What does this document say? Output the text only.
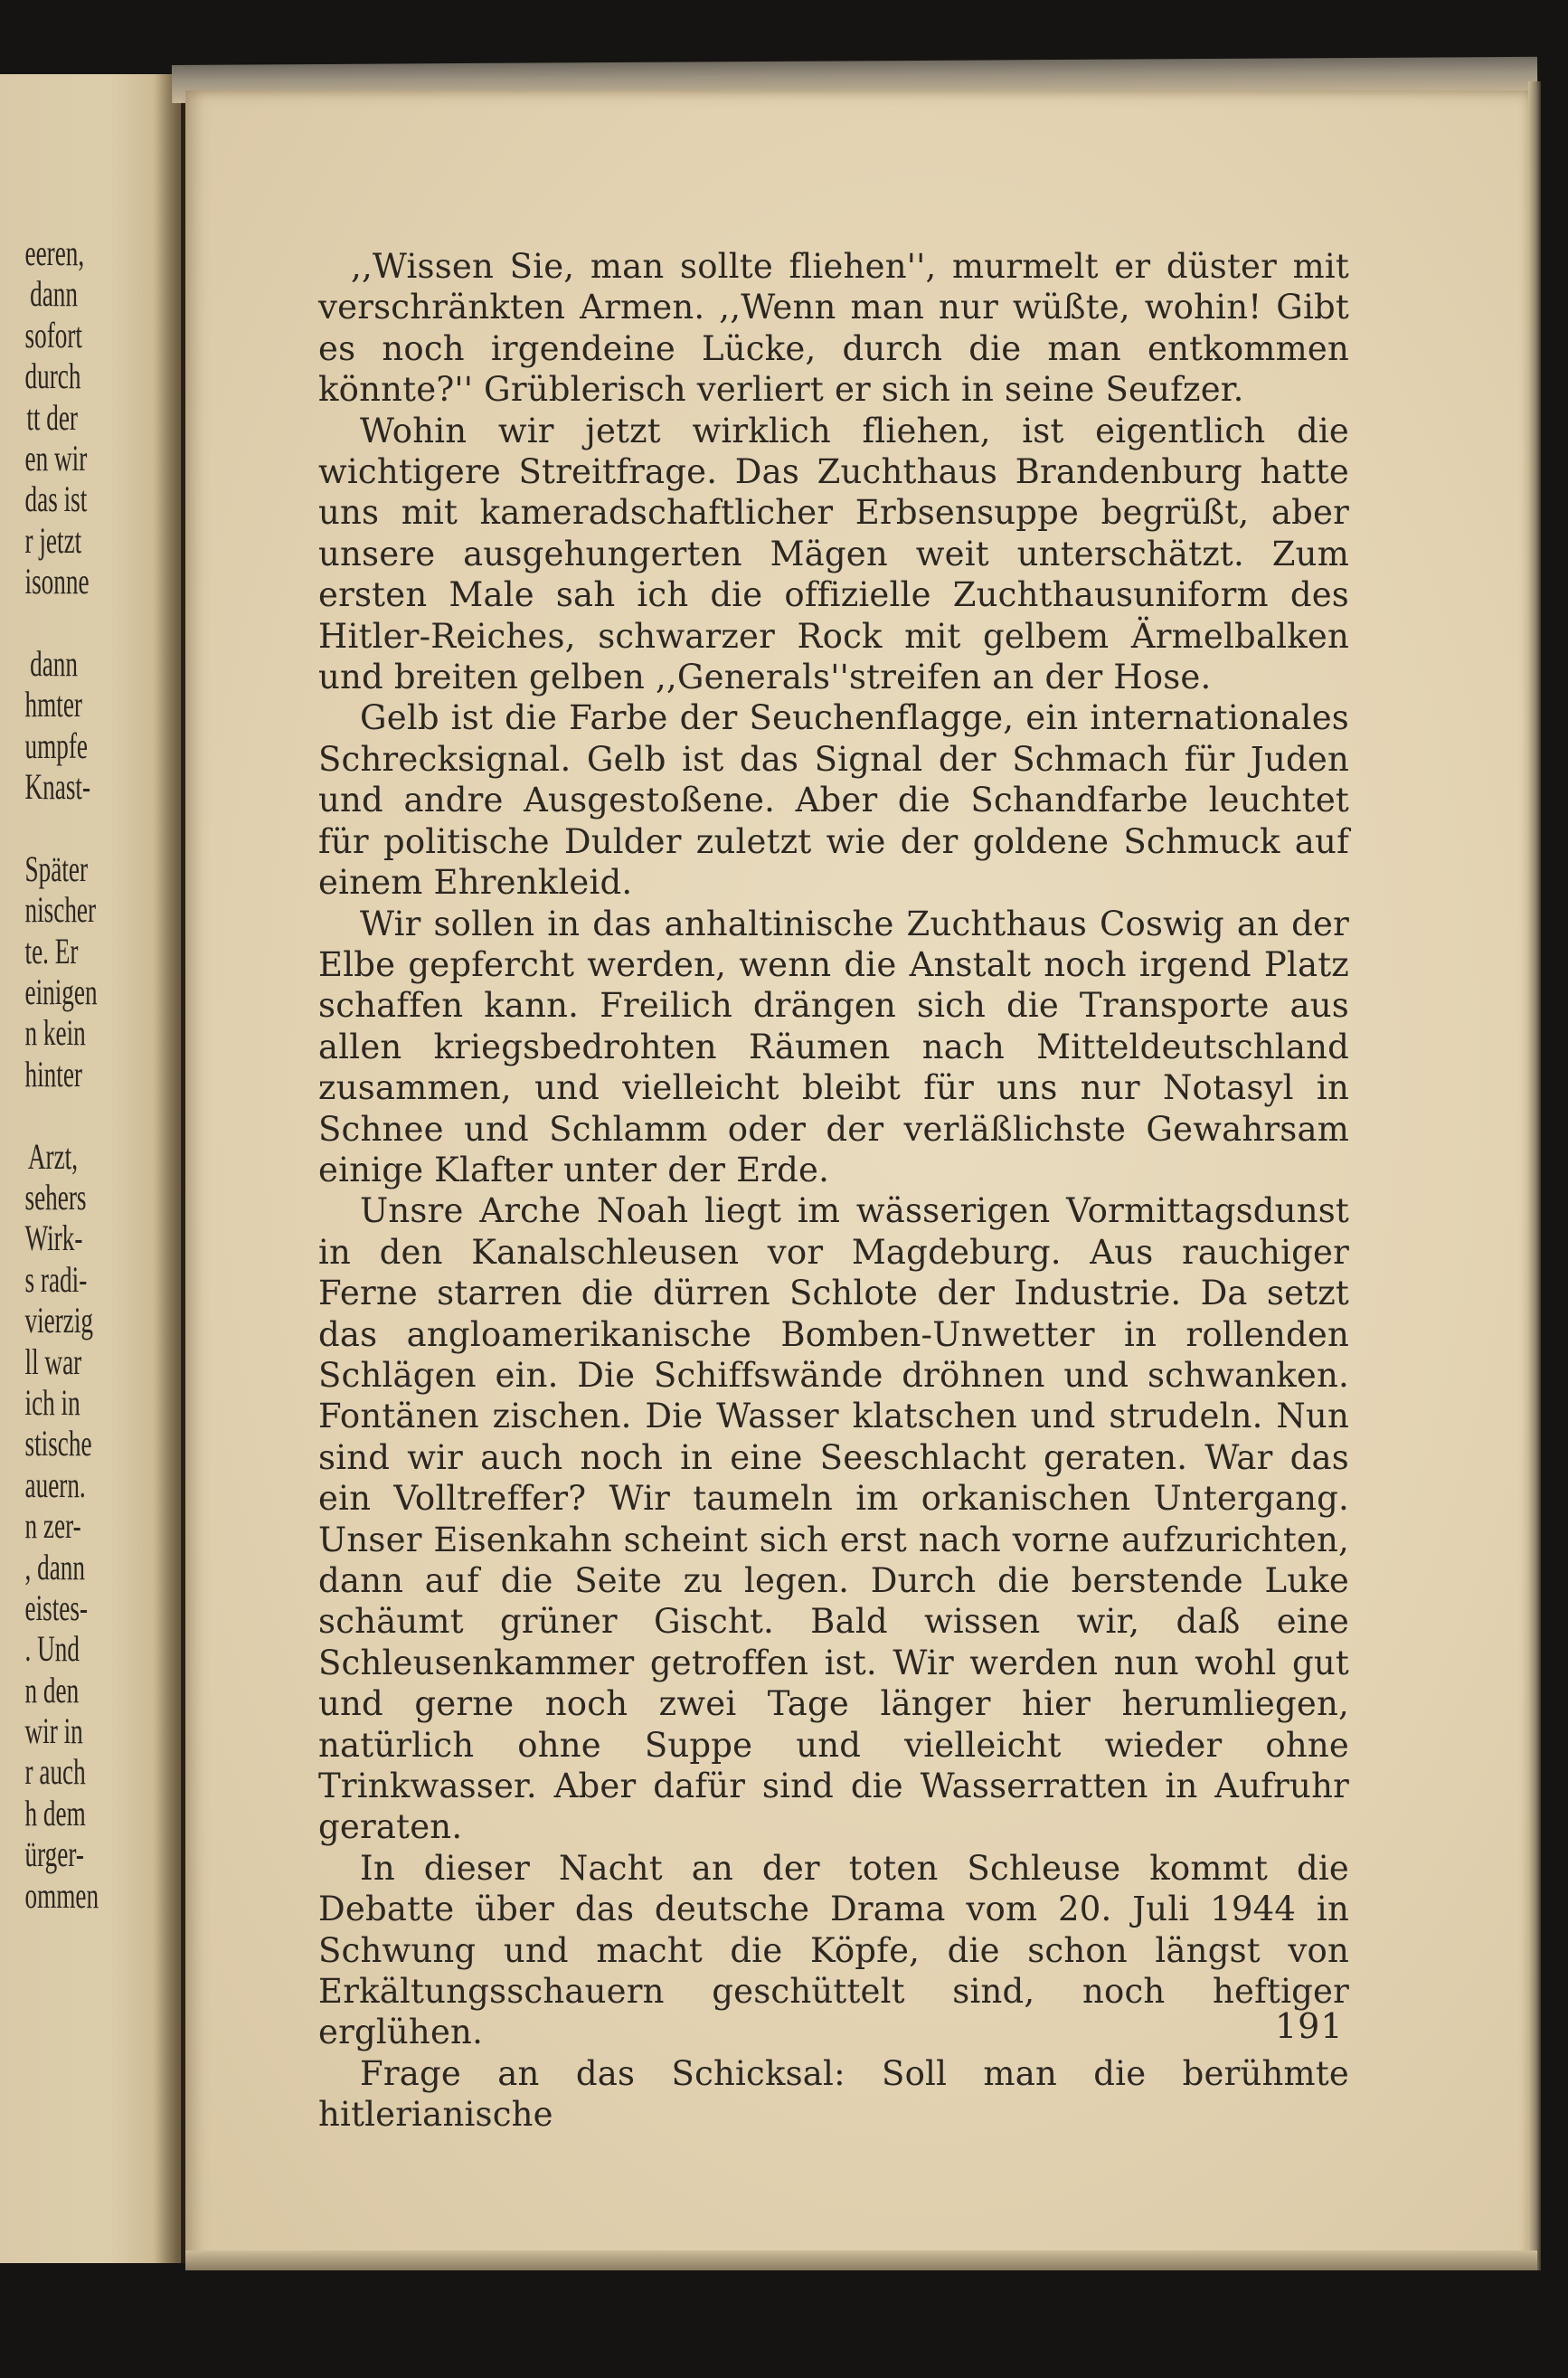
eeren,
dann
sofort
durch
tt der
en wir
das ist
r jetzt
isonne
dann
hmter
umpfe
Knast-
Später
nischer
te. Er
einigen
n kein
hinter
Arzt,
sehers
Wirk-
s radi-
vierzig
ll war
ich in
stische
auern.
n zer-
, dann
eistes-
. Und
n den
wir in
r auch
h dem
ürger-
ommen

,,Wissen Sie, man sollte fliehen'', murmelt er düster mit verschränkten Armen. ,,Wenn man nur wüßte, wohin! Gibt es noch irgendeine Lücke, durch die man entkommen könnte?'' Grüblerisch verliert er sich in seine Seufzer.

Wohin wir jetzt wirklich fliehen, ist eigentlich die wichtigere Streitfrage. Das Zuchthaus Brandenburg hatte uns mit kameradschaftlicher Erbsensuppe begrüßt, aber unsere ausgehungerten Mägen weit unterschätzt. Zum ersten Male sah ich die offizielle Zuchthausuniform des Hitler-Reiches, schwarzer Rock mit gelbem Ärmelbalken und breiten gelben ,,Generals''streifen an der Hose.

Gelb ist die Farbe der Seuchenflagge, ein internationales Schrecksignal. Gelb ist das Signal der Schmach für Juden und andre Ausgestoßene. Aber die Schandfarbe leuchtet für politische Dulder zuletzt wie der goldene Schmuck auf einem Ehrenkleid.

Wir sollen in das anhaltinische Zuchthaus Coswig an der Elbe gepfercht werden, wenn die Anstalt noch irgend Platz schaffen kann. Freilich drängen sich die Transporte aus allen kriegsbedrohten Räumen nach Mitteldeutschland zusammen, und vielleicht bleibt für uns nur Notasyl in Schnee und Schlamm oder der verläßlichste Gewahrsam einige Klafter unter der Erde.

Unsre Arche Noah liegt im wässerigen Vormittagsdunst in den Kanalschleusen vor Magdeburg. Aus rauchiger Ferne starren die dürren Schlote der Industrie. Da setzt das angloamerikanische Bomben-Unwetter in rollenden Schlägen ein. Die Schiffswände dröhnen und schwanken. Fontänen zischen. Die Wasser klatschen und strudeln. Nun sind wir auch noch in eine Seeschlacht geraten. War das ein Volltreffer? Wir taumeln im orkanischen Untergang. Unser Eisenkahn scheint sich erst nach vorne aufzurichten, dann auf die Seite zu legen. Durch die berstende Luke schäumt grüner Gischt. Bald wissen wir, daß eine Schleusenkammer getroffen ist. Wir werden nun wohl gut und gerne noch zwei Tage länger hier herumliegen, natürlich ohne Suppe und vielleicht wieder ohne Trinkwasser. Aber dafür sind die Wasserratten in Aufruhr geraten.

In dieser Nacht an der toten Schleuse kommt die Debatte über das deutsche Drama vom 20. Juli 1944 in Schwung und macht die Köpfe, die schon längst von Erkältungsschauern geschüttelt sind, noch heftiger erglühen.

Frage an das Schicksal: Soll man die berühmte hitlerianische

191
